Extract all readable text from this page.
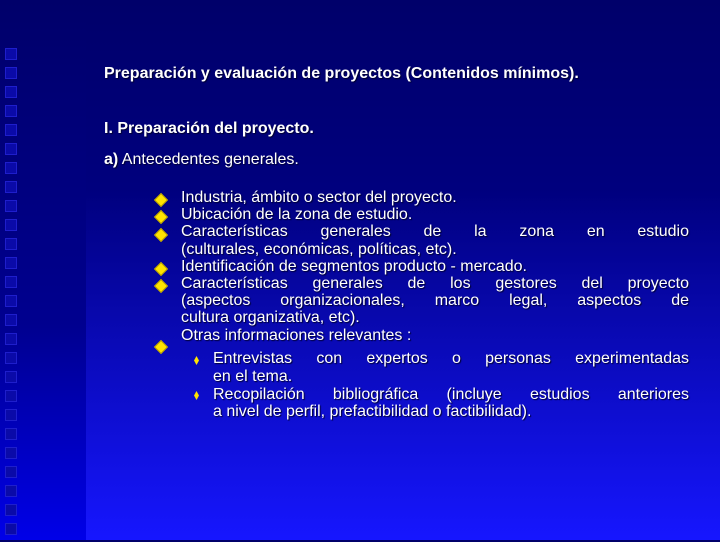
Preparación y evaluación de proyectos (Contenidos mínimos).
I. Preparación del proyecto.
a) Antecedentes generales.
Industria, ámbito o sector del proyecto.
Ubicación de la zona de estudio.
Características generales de la zona en estudio
(culturales, económicas, políticas, etc).
Identificación de segmentos producto - mercado.
Características generales de los gestores del proyecto
(aspectos organizacionales, marco legal, aspectos de
cultura organizativa, etc).
Otras informaciones relevantes :
Entrevistas con expertos o personas experimentadas
en el tema.
Recopilación bibliográfica (incluye estudios anteriores
a nivel de perfil, prefactibilidad o factibilidad).
